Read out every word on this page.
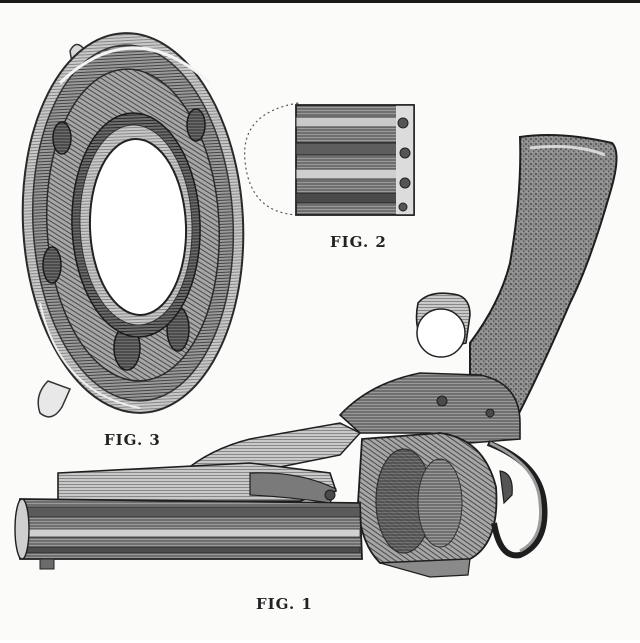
FIG. 3
FIG. 2
FIG. 1
